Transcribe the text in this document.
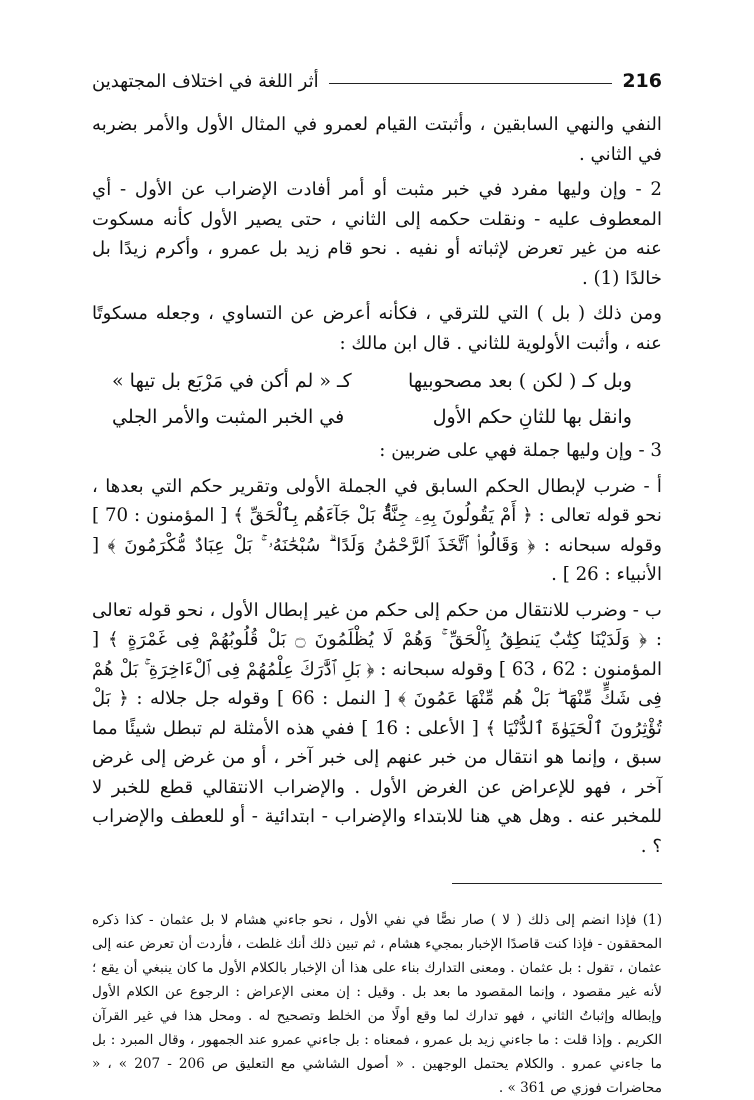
216
أثر اللغة في اختلاف المجتهدين

النفي والنهي السابقين ، وأثبتت القيام لعمرو في المثال الأول والأمر بضربه في الثاني .

2 - وإن وليها مفرد في خبر مثبت أو أمر أفادت الإضراب عن الأول - أي المعطوف عليه - ونقلت حكمه إلى الثاني ، حتى يصير الأول كأنه مسكوت عنه من غير تعرض لإثباته أو نفيه . نحو قام زيد بل عمرو ، وأكرم زيدًا بل خالدًا (1) .

ومن ذلك ( بل ) التي للترقي ، فكأنه أعرض عن التساوي ، وجعله مسكوتًا عنه ، وأثبت الأولوية للثاني . قال ابن مالك :

وبل كـ ( لكن ) بعد مصحوبيها
كـ « لم أكن في مَرْبَع بل تيها »
وانقل بها للثانِ حكم الأول
في الخبر المثبت والأمر الجلي

3 - وإن وليها جملة فهي على ضربين :

أ - ضرب لإبطال الحكم السابق في الجملة الأولى وتقرير حكم التي بعدها ، نحو قوله تعالى : ﴿ أَمْ يَقُولُونَ بِهِۦ جِنَّةٌۢ بَلْ جَآءَهُم بِٱلْحَقِّ ﴾ [ المؤمنون : 70 ] وقوله سبحانه : ﴿ وَقَالُوا۟ ٱتَّخَذَ ٱلرَّحْمَٰنُ وَلَدًا ۗ سُبْحَٰنَهُۥ ۚ بَلْ عِبَادٌ مُّكْرَمُونَ ﴾ [ الأنبياء : 26 ] .

ب - وضرب للانتقال من حكم إلى حكم من غير إبطال الأول ، نحو قوله تعالى : ﴿ وَلَدَيْنَا كِتَٰبٌ يَنطِقُ بِٱلْحَقِّ ۚ وَهُمْ لَا يُظْلَمُونَ ۝ بَلْ قُلُوبُهُمْ فِى غَمْرَةٍ ﴾ [ المؤمنون : 62 ، 63 ] وقوله سبحانه : ﴿ بَلِ ٱدَّٰرَكَ عِلْمُهُمْ فِى ٱلْءَاخِرَةِ ۚ بَلْ هُمْ فِى شَكٍّ مِّنْهَا ۖ بَلْ هُم مِّنْهَا عَمُونَ ﴾ [ النمل : 66 ] وقوله جل جلاله : ﴿ بَلْ تُؤْثِرُونَ ٱلْحَيَوٰةَ ٱلدُّنْيَا ﴾ [ الأعلى : 16 ] ففي هذه الأمثلة لم تبطل شيئًا مما سبق ، وإنما هو انتقال من خبر عنهم إلى خبر آخر ، أو من غرض إلى غرض آخر ، فهو للإعراض عن الغرض الأول . والإضراب الانتقالي قطع للخبر لا للمخبر عنه . وهل هي هنا للابتداء والإضراب - ابتدائية - أو للعطف والإضراب ؟ .

(1) فإذا انضم إلى ذلك ( لا ) صار نصًّا في نفي الأول ، نحو جاءني هشام لا بل عثمان - كذا ذكره المحققون - فإذا كنت قاصدًا الإخبار بمجيء هشام ، ثم تبين ذلك أنك غلطت ، فأردت أن تعرض عنه إلى عثمان ، تقول : بل عثمان . ومعنى التدارك بناء على هذا أن الإخبار بالكلام الأول ما كان ينبغي أن يقع ؛ لأنه غير مقصود ، وإنما المقصود ما بعد بل . وقيل : إن معنى الإعراض : الرجوع عن الكلام الأول وإبطاله وإثباتُ الثاني ، فهو تدارك لما وقع أولًا من الخلط وتصحيح له . ومحل هذا في غير القرآن الكريم . وإذا قلت : ما جاءني زيد بل عمرو ، فمعناه : بل جاءني عمرو عند الجمهور ، وقال المبرد : بل ما جاءني عمرو . والكلام يحتمل الوجهين . « أصول الشاشي مع التعليق ص 206 - 207 » ، « محاضرات فوزي ص 361 » .
